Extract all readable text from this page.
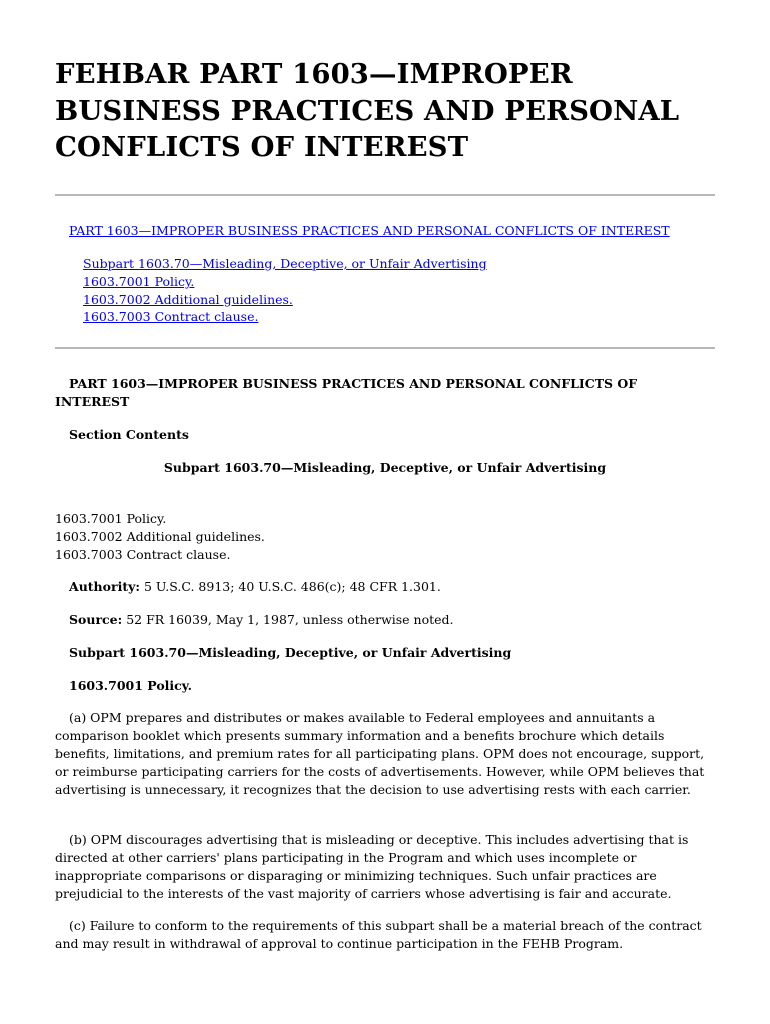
FEHBAR PART 1603—IMPROPER BUSINESS PRACTICES AND PERSONAL CONFLICTS OF INTEREST
PART 1603—IMPROPER BUSINESS PRACTICES AND PERSONAL CONFLICTS OF INTEREST
Subpart 1603.70—Misleading, Deceptive, or Unfair Advertising
1603.7001 Policy.
1603.7002 Additional guidelines.
1603.7003 Contract clause.
PART 1603—IMPROPER BUSINESS PRACTICES AND PERSONAL CONFLICTS OF INTEREST
Section Contents
Subpart 1603.70—Misleading, Deceptive, or Unfair Advertising
1603.7001 Policy.
1603.7002 Additional guidelines.
1603.7003 Contract clause.
Authority: 5 U.S.C. 8913; 40 U.S.C. 486(c); 48 CFR 1.301.
Source: 52 FR 16039, May 1, 1987, unless otherwise noted.
Subpart 1603.70—Misleading, Deceptive, or Unfair Advertising
1603.7001 Policy.
(a) OPM prepares and distributes or makes available to Federal employees and annuitants a comparison booklet which presents summary information and a benefits brochure which details benefits, limitations, and premium rates for all participating plans. OPM does not encourage, support, or reimburse participating carriers for the costs of advertisements. However, while OPM believes that advertising is unnecessary, it recognizes that the decision to use advertising rests with each carrier.
(b) OPM discourages advertising that is misleading or deceptive. This includes advertising that is directed at other carriers' plans participating in the Program and which uses incomplete or inappropriate comparisons or disparaging or minimizing techniques. Such unfair practices are prejudicial to the interests of the vast majority of carriers whose advertising is fair and accurate.
(c) Failure to conform to the requirements of this subpart shall be a material breach of the contract and may result in withdrawal of approval to continue participation in the FEHB Program.
